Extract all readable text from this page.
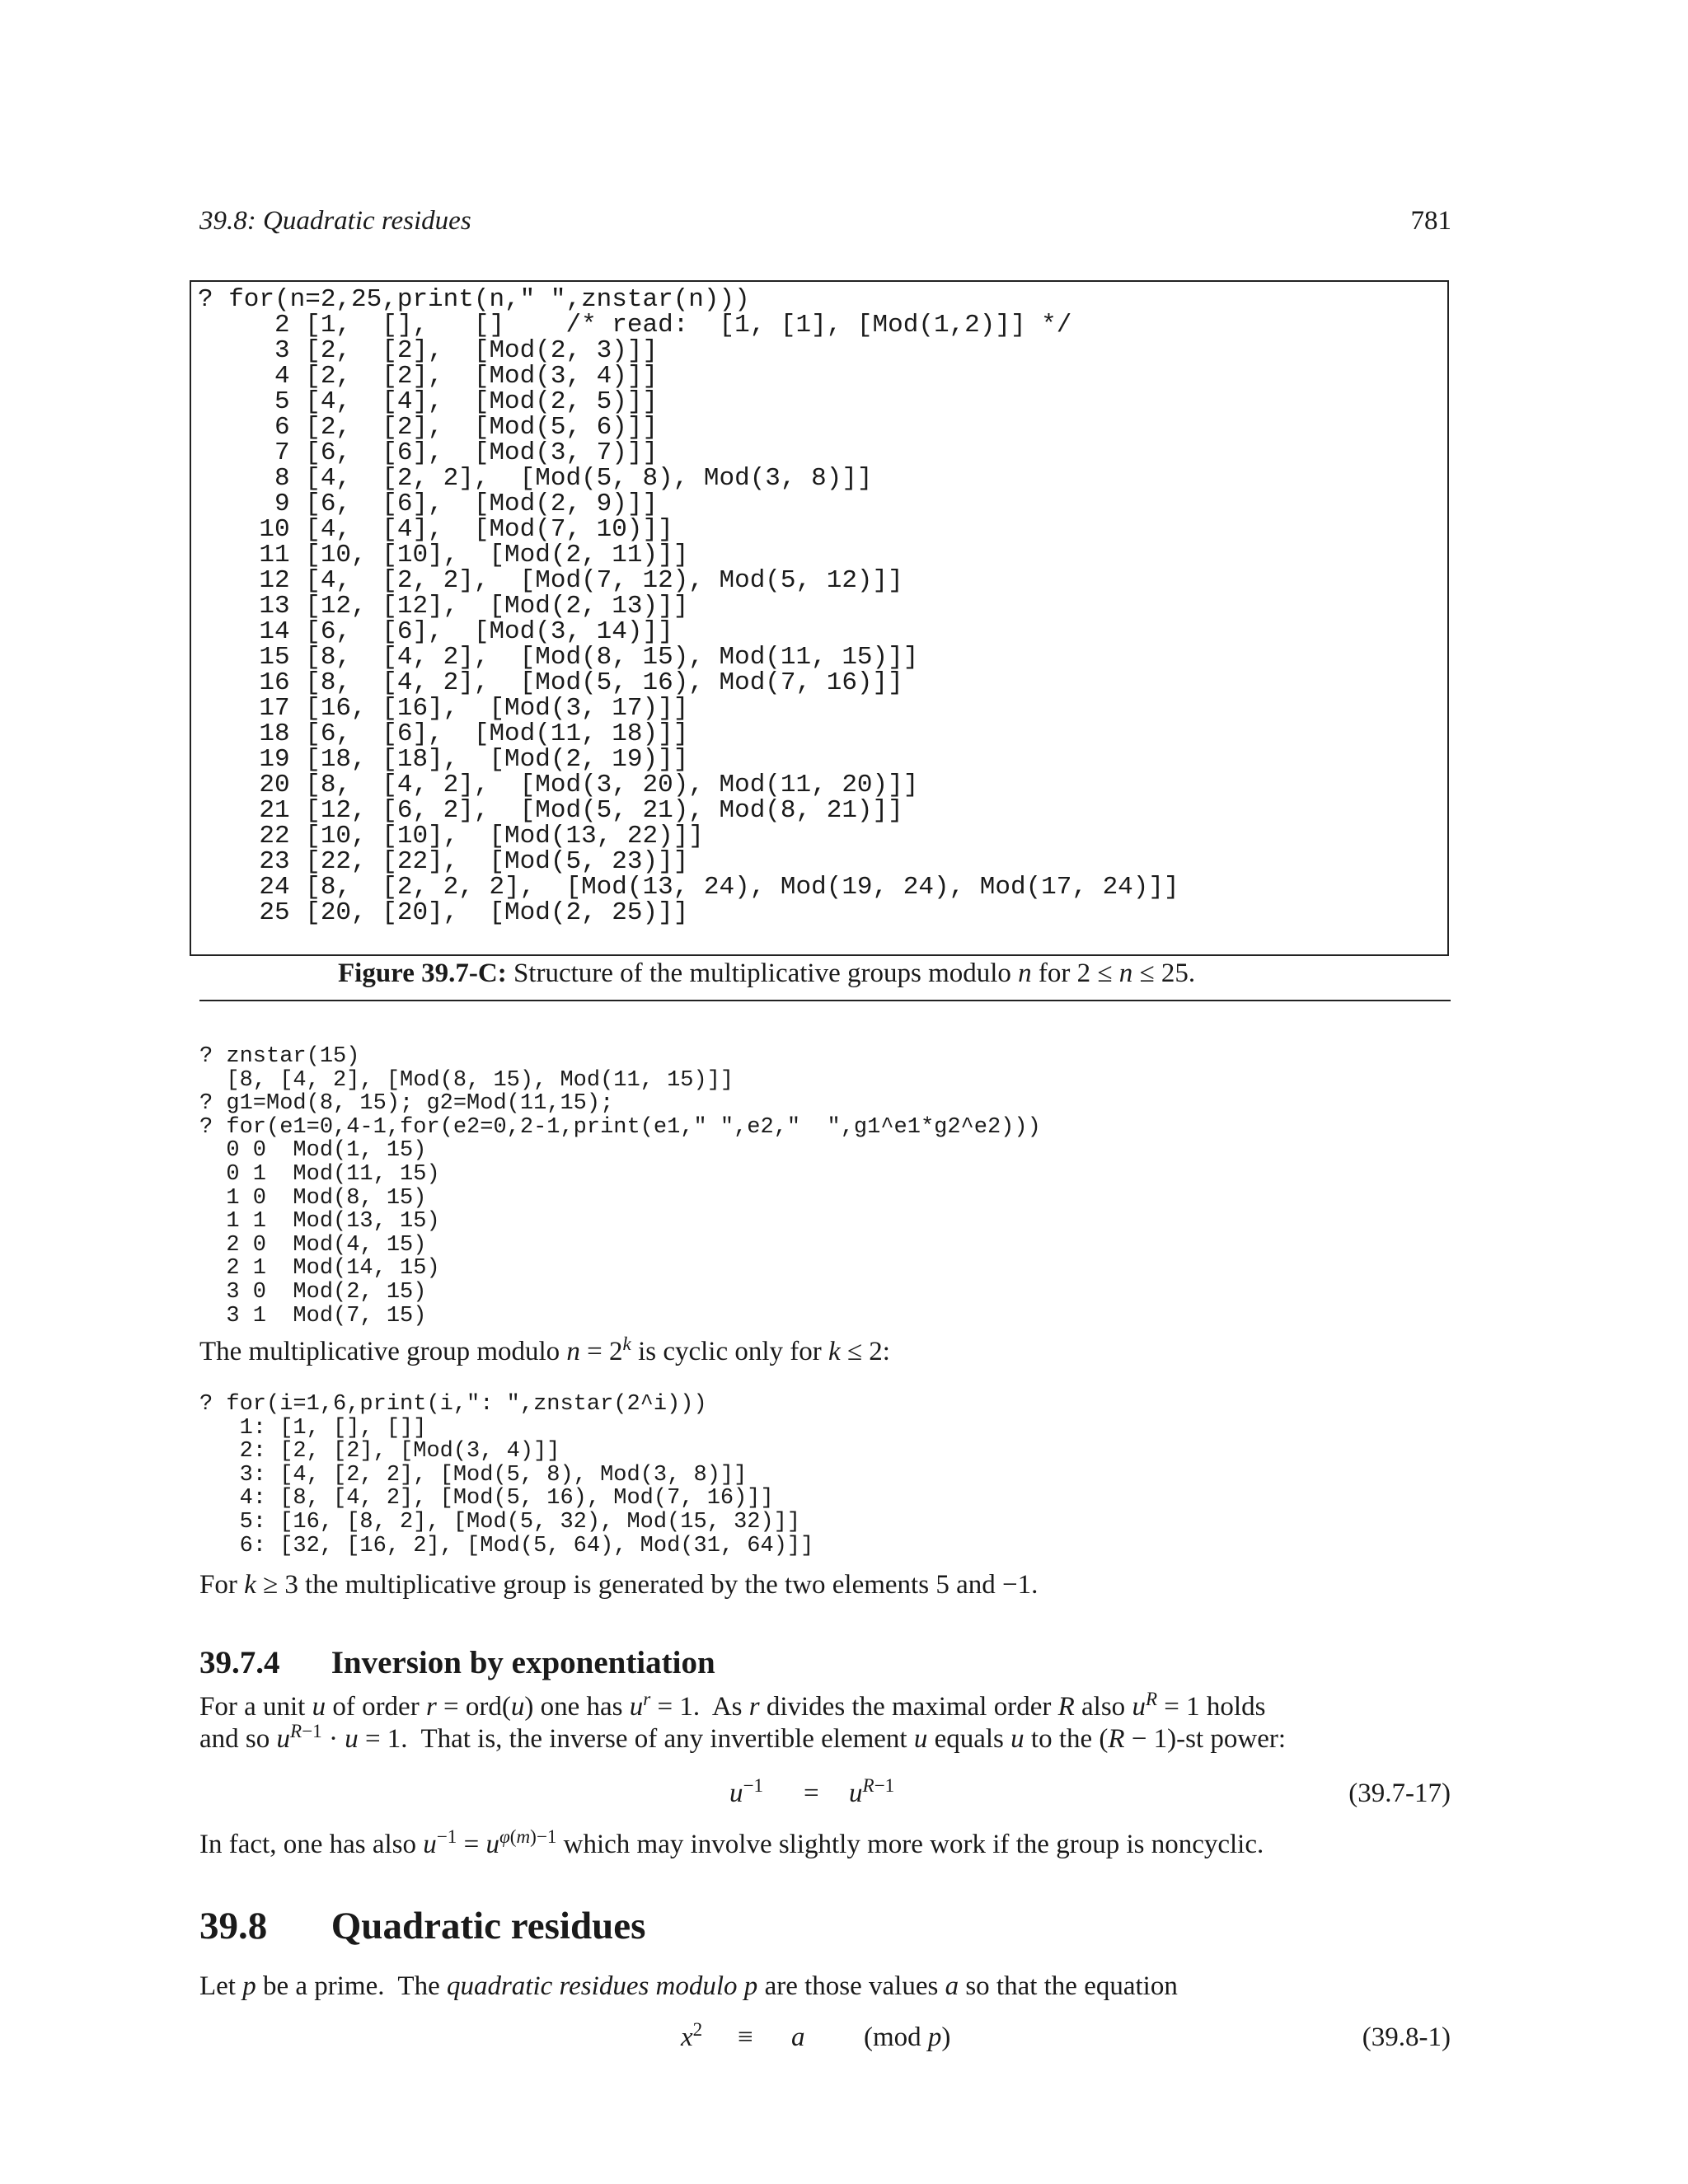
39.8: Quadratic residues	781
? for(n=2,25,print(n," ",znstar(n)))
2 [1,  [],   []    /* read:  [1, [1], [Mod(1,2)]] */
3 [2,  [2],  [Mod(2, 3)]]
4 [2,  [2],  [Mod(3, 4)]]
5 [4,  [4],  [Mod(2, 5)]]
6 [2,  [2],  [Mod(5, 6)]]
7 [6,  [6],  [Mod(3, 7)]]
8 [4,  [2, 2],  [Mod(5, 8), Mod(3, 8)]]
9 [6,  [6],  [Mod(2, 9)]]
10 [4,  [4],  [Mod(7, 10)]]
11 [10, [10],  [Mod(2, 11)]]
12 [4,  [2, 2],  [Mod(7, 12), Mod(5, 12)]]
13 [12, [12],  [Mod(2, 13)]]
14 [6,  [6],  [Mod(3, 14)]]
15 [8,  [4, 2],  [Mod(8, 15), Mod(11, 15)]]
16 [8,  [4, 2],  [Mod(5, 16), Mod(7, 16)]]
17 [16, [16],  [Mod(3, 17)]]
18 [6,  [6],  [Mod(11, 18)]]
19 [18, [18],  [Mod(2, 19)]]
20 [8,  [4, 2],  [Mod(3, 20), Mod(11, 20)]]
21 [12, [6, 2],  [Mod(5, 21), Mod(8, 21)]]
22 [10, [10],  [Mod(13, 22)]]
23 [22, [22],  [Mod(5, 23)]]
24 [8,  [2, 2, 2],  [Mod(13, 24), Mod(19, 24), Mod(17, 24)]]
25 [20, [20],  [Mod(2, 25)]]
Figure 39.7-C: Structure of the multiplicative groups modulo n for 2 ≤ n ≤ 25.
? znstar(15)
[8, [4, 2], [Mod(8, 15), Mod(11, 15)]]
? g1=Mod(8, 15); g2=Mod(11,15);
? for(e1=0,4-1,for(e2=0,2-1,print(e1," ",e2,"  ",g1^e1*g2^e2)))
0 0  Mod(1, 15)
0 1  Mod(11, 15)
1 0  Mod(8, 15)
1 1  Mod(13, 15)
2 0  Mod(4, 15)
2 1  Mod(14, 15)
3 0  Mod(2, 15)
3 1  Mod(7, 15)
The multiplicative group modulo $n = 2^k$ is cyclic only for k ≤ 2:
? for(i=1,6,print(i,": ",znstar(2^i)))
1: [1, [], []]
2: [2, [2], [Mod(3, 4)]]
3: [4, [2, 2], [Mod(5, 8), Mod(3, 8)]]
4: [8, [4, 2], [Mod(5, 16), Mod(7, 16)]]
5: [16, [8, 2], [Mod(5, 32), Mod(15, 32)]]
6: [32, [16, 2], [Mod(5, 64), Mod(31, 64)]]
For k ≥ 3 the multiplicative group is generated by the two elements 5 and −1.
39.7.4 Inversion by exponentiation
For a unit u of order r = ord(u) one has $u^r = 1$.  As r divides the maximal order R also $u^R = 1$ holds
and so $u^{R-1} \cdot u = 1$.  That is, the inverse of any invertible element u equals u to the (R − 1)-st power:
$u^{-1} = u^{R-1}$	(39.7-17)
In fact, one has also $u^{-1} = u^{\varphi(m)-1}$ which may involve slightly more work if the group is noncyclic.
39.8 Quadratic residues
Let p be a prime.  The quadratic residues modulo p are those values a so that the equation
$x^2 \equiv a$ (mod p)	(39.8-1)
